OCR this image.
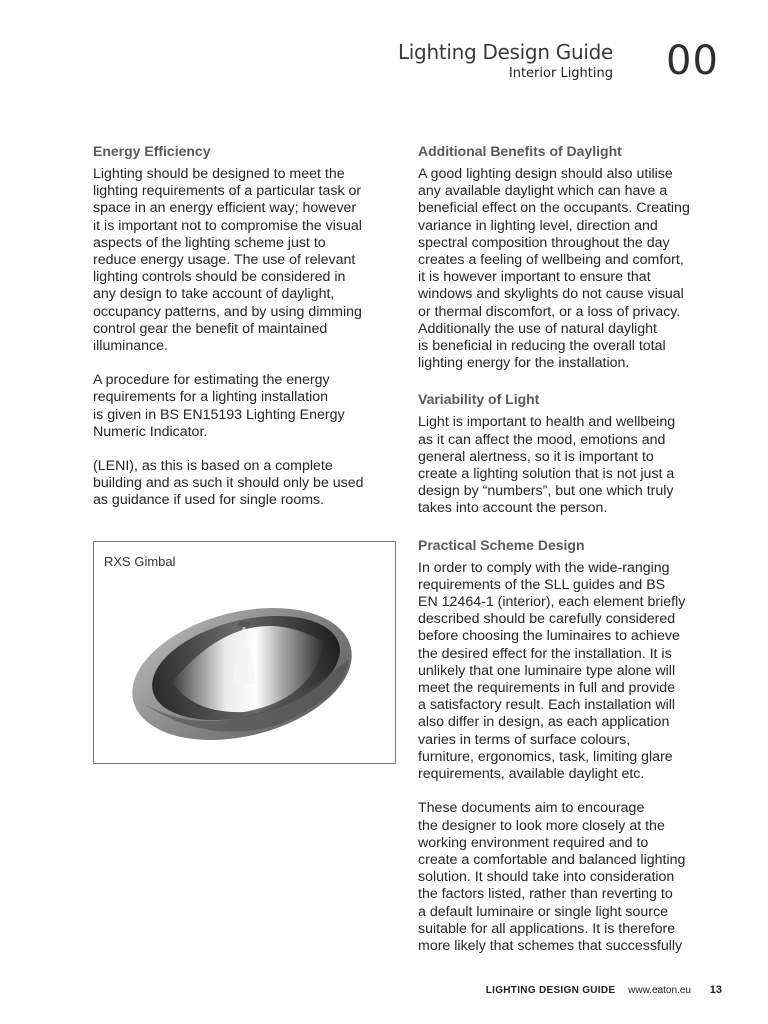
Lighting Design Guide
Interior Lighting 00
Energy Efficiency

Lighting should be designed to meet the
lighting requirements of a particular task or
space in an energy efficient way; however
it is important not to compromise the visual
aspects of the lighting scheme just to
reduce energy usage. The use of relevant
lighting controls should be considered in
any design to take account of daylight,
occupancy patterns, and by using dimming
control gear the benefit of maintained
illuminance.

A procedure for estimating the energy
requirements for a lighting installation
is given in BS EN15193 Lighting Energy
Numeric Indicator.

(LENI), as this is based on a complete
building and as such it should only be used
as guidance if used for single rooms.

RXS Gimbal
Additional Benefits of Daylight

A good lighting design should also utilise
any available daylight which can have a
beneficial effect on the occupants. Creating
variance in lighting level, direction and
spectral composition throughout the day
creates a feeling of wellbeing and comfort,
it is however important to ensure that
windows and skylights do not cause visual
or thermal discomfort, or a loss of privacy.
Additionally the use of natural daylight
is beneficial in reducing the overall total
lighting energy for the installation.

Variability of Light

Light is important to health and wellbeing
as it can affect the mood, emotions and
general alertness, so it is important to
create a lighting solution that is not just a
design by “numbers”, but one which truly
takes into account the person.

Practical Scheme Design

In order to comply with the wide-ranging
requirements of the SLL guides and BS
EN 12464-1 (interior), each element briefly
described should be carefully considered
before choosing the luminaires to achieve
the desired effect for the installation. It is
unlikely that one luminaire type alone will
meet the requirements in full and provide
a satisfactory result. Each installation will
also differ in design, as each application
varies in terms of surface colours,
furniture, ergonomics, task, limiting glare
requirements, available daylight etc.

These documents aim to encourage
the designer to look more closely at the
working environment required and to
create a comfortable and balanced lighting
solution. It should take into consideration
the factors listed, rather than reverting to
a default luminaire or single light source
suitable for all applications. It is therefore
more likely that schemes that successfully

LIGHTING DESIGN GUIDE www.eaton.eu 13
